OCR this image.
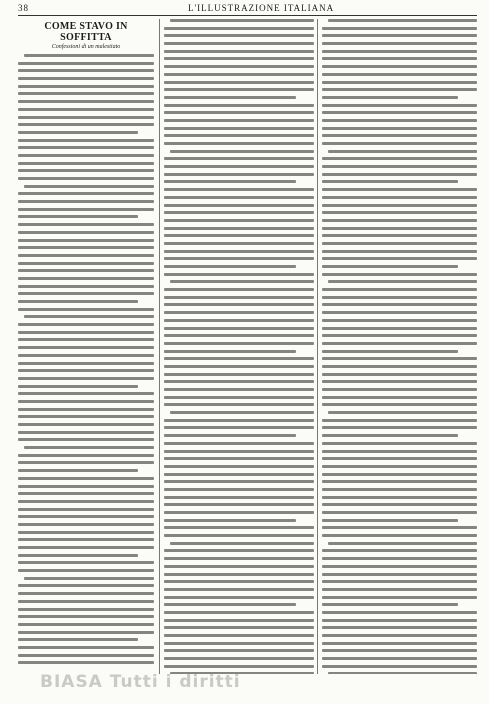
38	L'ILLUSTRAZIONE ITALIANA
COME STAVO IN SOFFITTA
Confessioni di un malestiato
BIASA Tutti i diritti
